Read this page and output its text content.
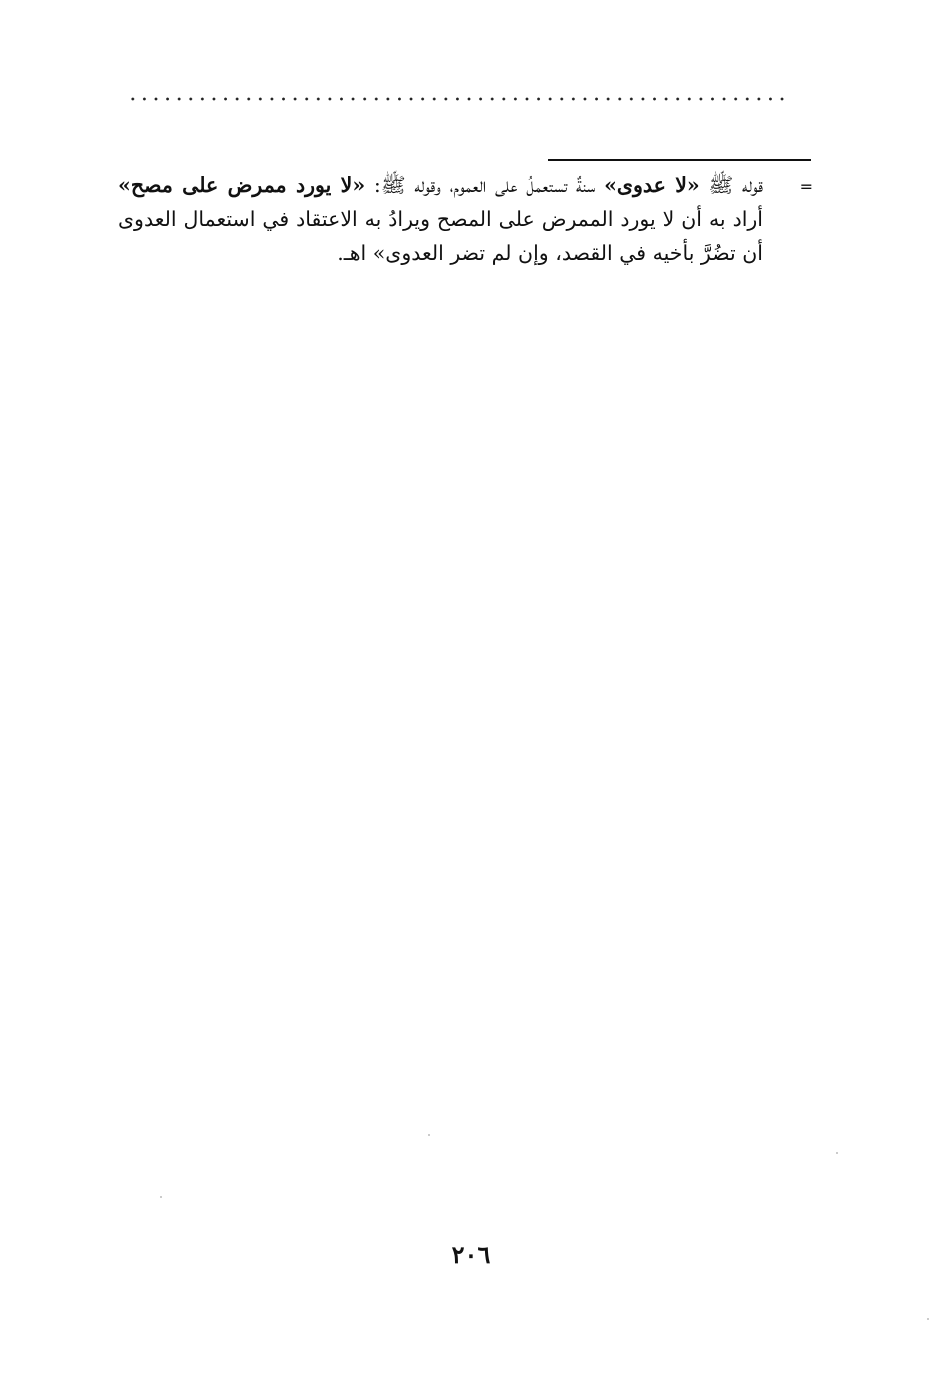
=

قوله ﷺ «لا عدوى» سنةٌ تستعملُ على العموم، وقوله ﷺ: «لا يورد ممرض على مصح» أراد به أن لا يورد الممرض على المصح ويرادُ به الاعتقاد في استعمال العدوى أن تضُرَّ بأخيه في القصد، وإن لم تضر العدوى» اهـ.

٢٠٦
